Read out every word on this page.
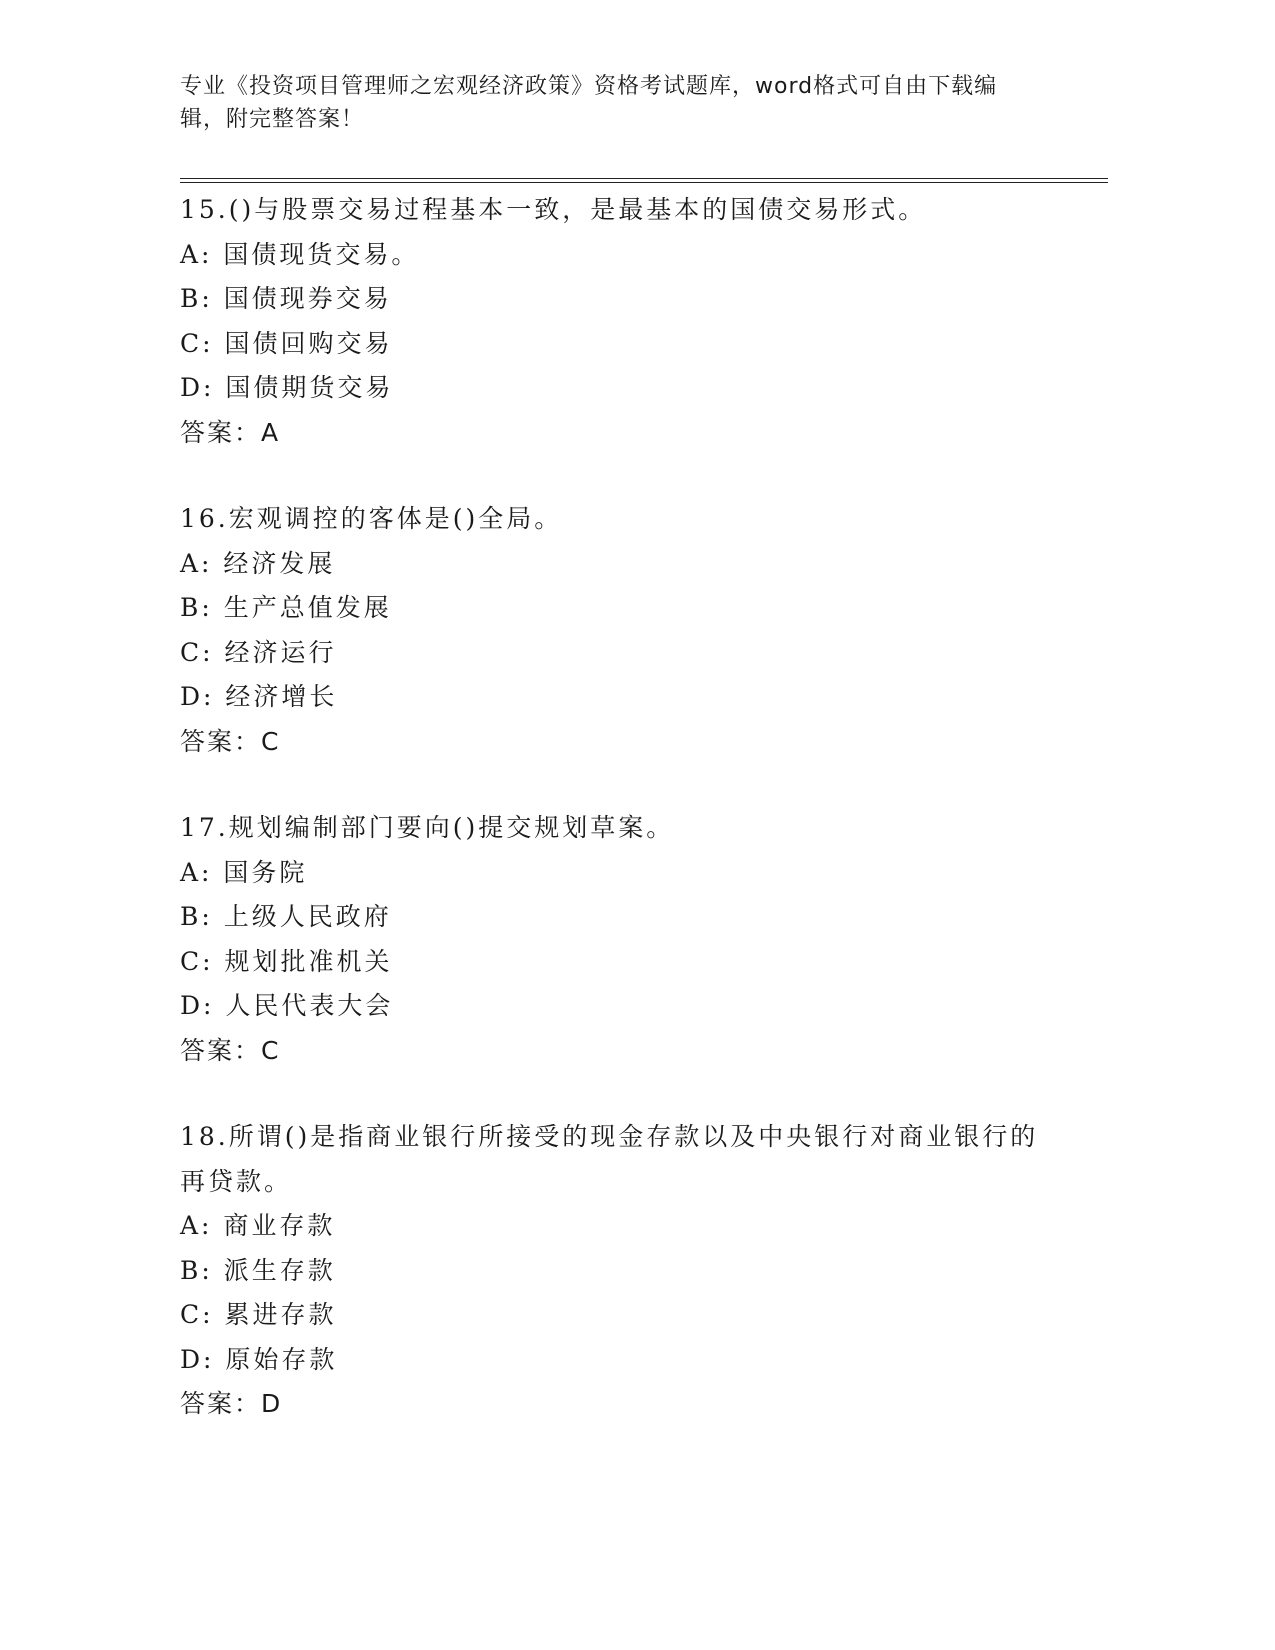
专业《投资项目管理师之宏观经济政策》资格考试题库，word格式可自由下载编
辑，附完整答案！
15.()与股票交易过程基本一致，是最基本的国债交易形式。
A: 国债现货交易。
B: 国债现券交易
C: 国债回购交易
D: 国债期货交易
答案：A
16.宏观调控的客体是()全局。
A: 经济发展
B: 生产总值发展
C: 经济运行
D: 经济增长
答案：C
17.规划编制部门要向()提交规划草案。
A: 国务院
B: 上级人民政府
C: 规划批准机关
D: 人民代表大会
答案：C
18.所谓()是指商业银行所接受的现金存款以及中央银行对商业银行的再贷款。
A: 商业存款
B: 派生存款
C: 累进存款
D: 原始存款
答案：D
